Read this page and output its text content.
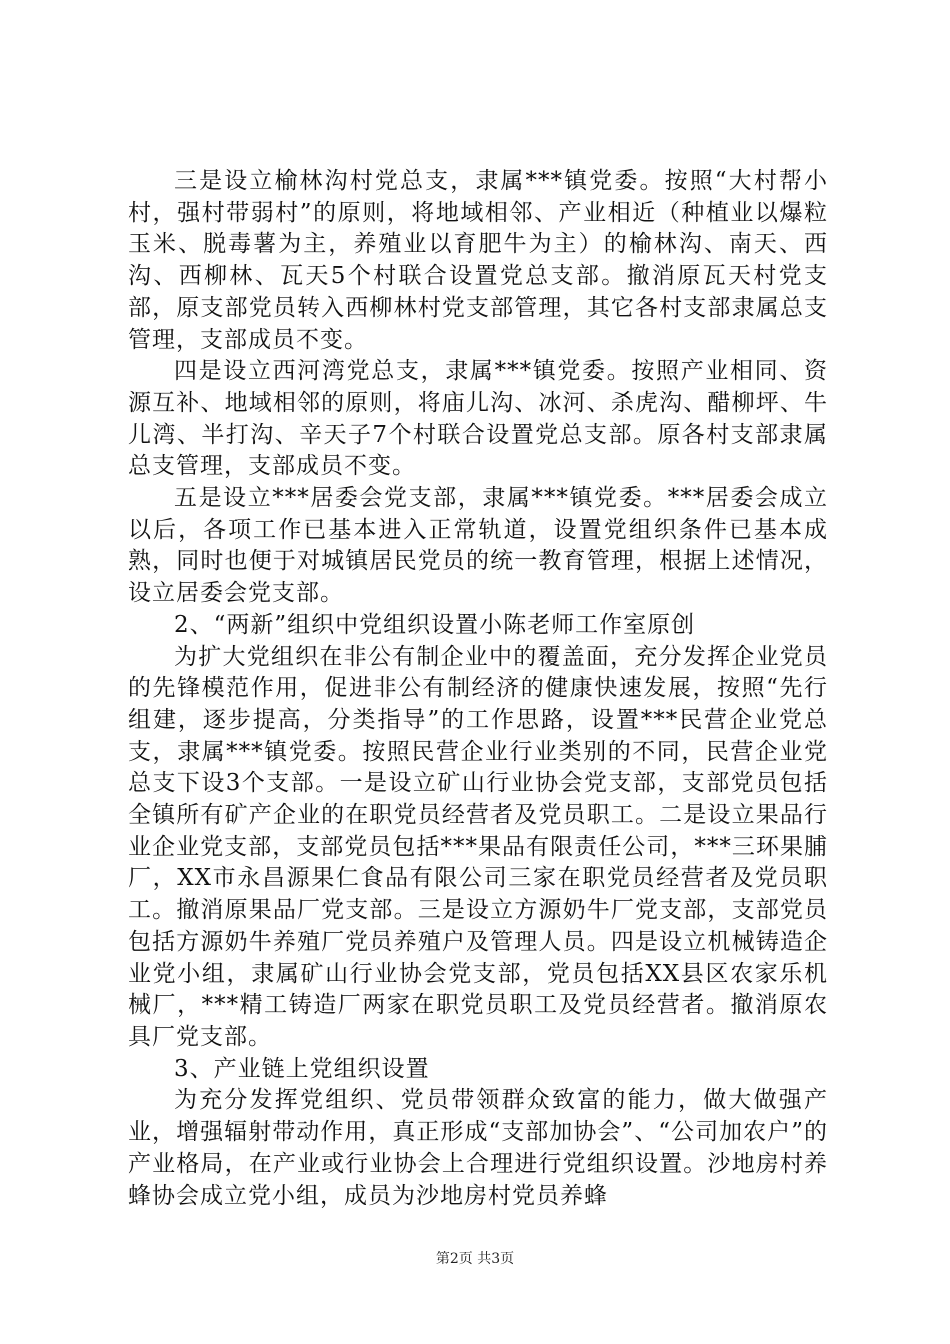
三是设立榆林沟村党总支，隶属***镇党委。按照“大村帮小村，强村带弱村”的原则，将地域相邻、产业相近（种植业以爆粒玉米、脱毒薯为主，养殖业以育肥牛为主）的榆林沟、南天、西沟、西柳林、瓦天5个村联合设置党总支部。撤消原瓦天村党支部，原支部党员转入西柳林村党支部管理，其它各村支部隶属总支管理，支部成员不变。

四是设立西河湾党总支，隶属***镇党委。按照产业相同、资源互补、地域相邻的原则，将庙儿沟、冰河、杀虎沟、醋柳坪、牛儿湾、半打沟、辛天子7个村联合设置党总支部。原各村支部隶属总支管理，支部成员不变。

五是设立***居委会党支部，隶属***镇党委。***居委会成立以后，各项工作已基本进入正常轨道，设置党组织条件已基本成熟，同时也便于对城镇居民党员的统一教育管理，根据上述情况，设立居委会党支部。

2、“两新”组织中党组织设置小陈老师工作室原创

为扩大党组织在非公有制企业中的覆盖面，充分发挥企业党员的先锋模范作用，促进非公有制经济的健康快速发展，按照“先行组建，逐步提高，分类指导”的工作思路，设置***民营企业党总支，隶属***镇党委。按照民营企业行业类别的不同，民营企业党总支下设3个支部。一是设立矿山行业协会党支部，支部党员包括全镇所有矿产企业的在职党员经营者及党员职工。二是设立果品行业企业党支部，支部党员包括***果品有限责任公司，***三环果脯厂，XX市永昌源果仁食品有限公司三家在职党员经营者及党员职工。撤消原果品厂党支部。三是设立方源奶牛厂党支部，支部党员包括方源奶牛养殖厂党员养殖户及管理人员。四是设立机械铸造企业党小组，隶属矿山行业协会党支部，党员包括XX县区农家乐机械厂，***精工铸造厂两家在职党员职工及党员经营者。撤消原农具厂党支部。

3、产业链上党组织设置

为充分发挥党组织、党员带领群众致富的能力，做大做强产业，增强辐射带动作用，真正形成“支部加协会”、“公司加农户”的产业格局，在产业或行业协会上合理进行党组织设置。沙地房村养蜂协会成立党小组，成员为沙地房村党员养蜂

第2页 共3页
